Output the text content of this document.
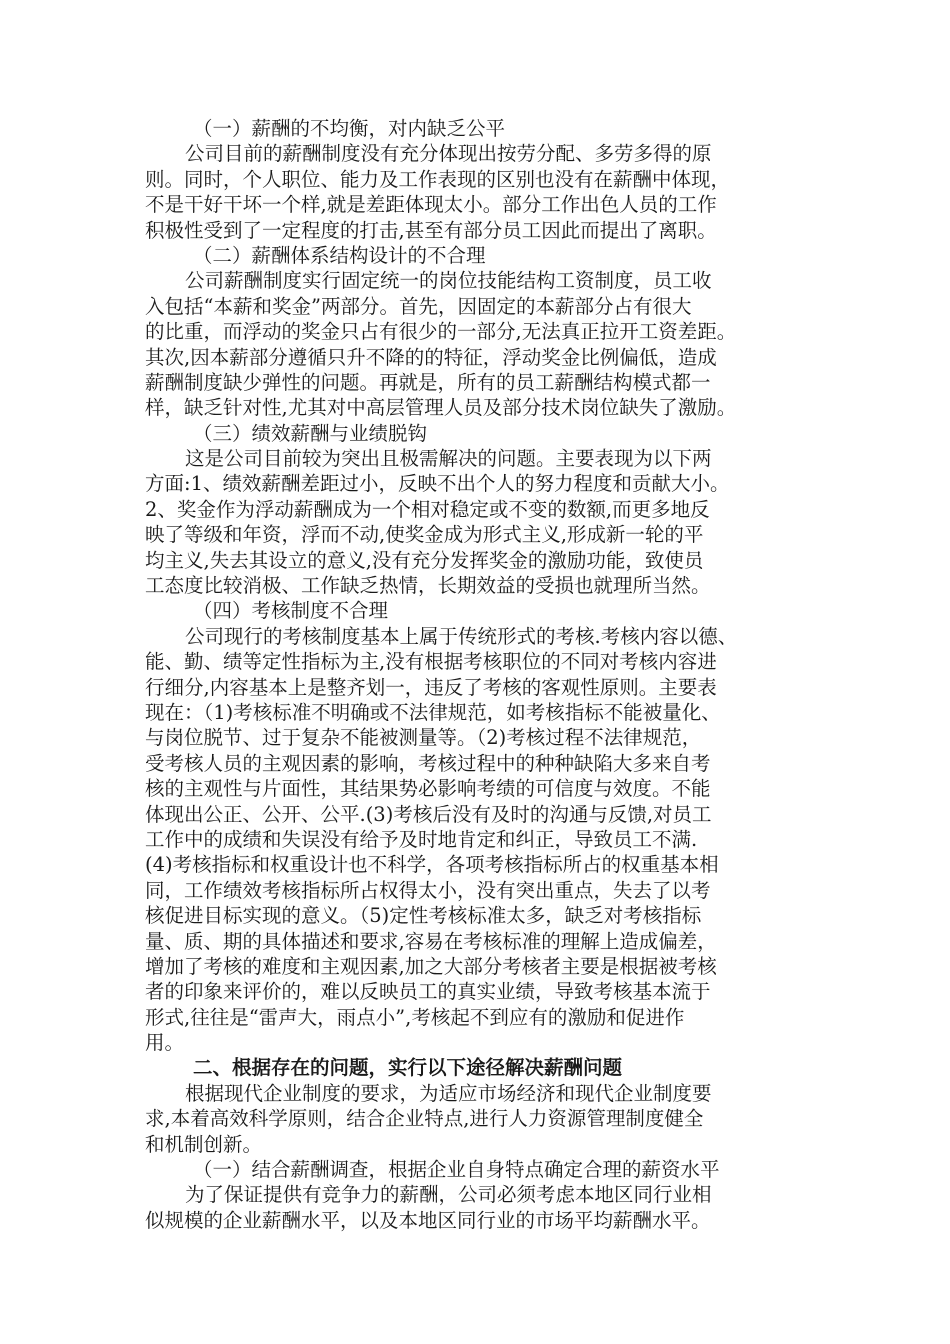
（一）薪酬的不均衡，对内缺乏公平
公司目前的薪酬制度没有充分体现出按劳分配、多劳多得的原
则。同时，个人职位、能力及工作表现的区别也没有在薪酬中体现，
不是干好干坏一个样,就是差距体现太小。部分工作出色人员的工作
积极性受到了一定程度的打击,甚至有部分员工因此而提出了离职。
（二）薪酬体系结构设计的不合理
公司薪酬制度实行固定统一的岗位技能结构工资制度，员工收
入包括“本薪和奖金”两部分。首先，因固定的本薪部分占有很大
的比重，而浮动的奖金只占有很少的一部分,无法真正拉开工资差距。
其次,因本薪部分遵循只升不降的的特征，浮动奖金比例偏低，造成
薪酬制度缺少弹性的问题。再就是，所有的员工薪酬结构模式都一
样，缺乏针对性,尤其对中高层管理人员及部分技术岗位缺失了激励。
（三）绩效薪酬与业绩脱钩
这是公司目前较为突出且极需解决的问题。主要表现为以下两
方面:1、绩效薪酬差距过小，反映不出个人的努力程度和贡献大小。
2、奖金作为浮动薪酬成为一个相对稳定或不变的数额,而更多地反
映了等级和年资，浮而不动,使奖金成为形式主义,形成新一轮的平
均主义,失去其设立的意义,没有充分发挥奖金的激励功能，致使员
工态度比较消极、工作缺乏热情，长期效益的受损也就理所当然。
（四）考核制度不合理
公司现行的考核制度基本上属于传统形式的考核.考核内容以德、
能、勤、绩等定性指标为主,没有根据考核职位的不同对考核内容进
行细分,内容基本上是整齐划一，违反了考核的客观性原则。主要表
现在：（1)考核标准不明确或不法律规范，如考核指标不能被量化、
与岗位脱节、过于复杂不能被测量等。（2)考核过程不法律规范，
受考核人员的主观因素的影响，考核过程中的种种缺陷大多来自考
核的主观性与片面性，其结果势必影响考绩的可信度与效度。不能
体现出公正、公开、公平.(3)考核后没有及时的沟通与反馈,对员工
工作中的成绩和失误没有给予及时地肯定和纠正，导致员工不满.
(4)考核指标和权重设计也不科学，各项考核指标所占的权重基本相
同，工作绩效考核指标所占权得太小，没有突出重点，失去了以考
核促进目标实现的意义。（5)定性考核标准太多，缺乏对考核指标
量、质、期的具体描述和要求,容易在考核标准的理解上造成偏差，
增加了考核的难度和主观因素,加之大部分考核者主要是根据被考核
者的印象来评价的，难以反映员工的真实业绩，导致考核基本流于
形式,往往是“雷声大，雨点小”,考核起不到应有的激励和促进作
用。
二、根据存在的问题，实行以下途径解决薪酬问题
根据现代企业制度的要求，为适应市场经济和现代企业制度要
求,本着高效科学原则，结合企业特点,进行人力资源管理制度健全
和机制创新。
（一）结合薪酬调查，根据企业自身特点确定合理的薪资水平
为了保证提供有竞争力的薪酬，公司必须考虑本地区同行业相
似规模的企业薪酬水平，以及本地区同行业的市场平均薪酬水平。
